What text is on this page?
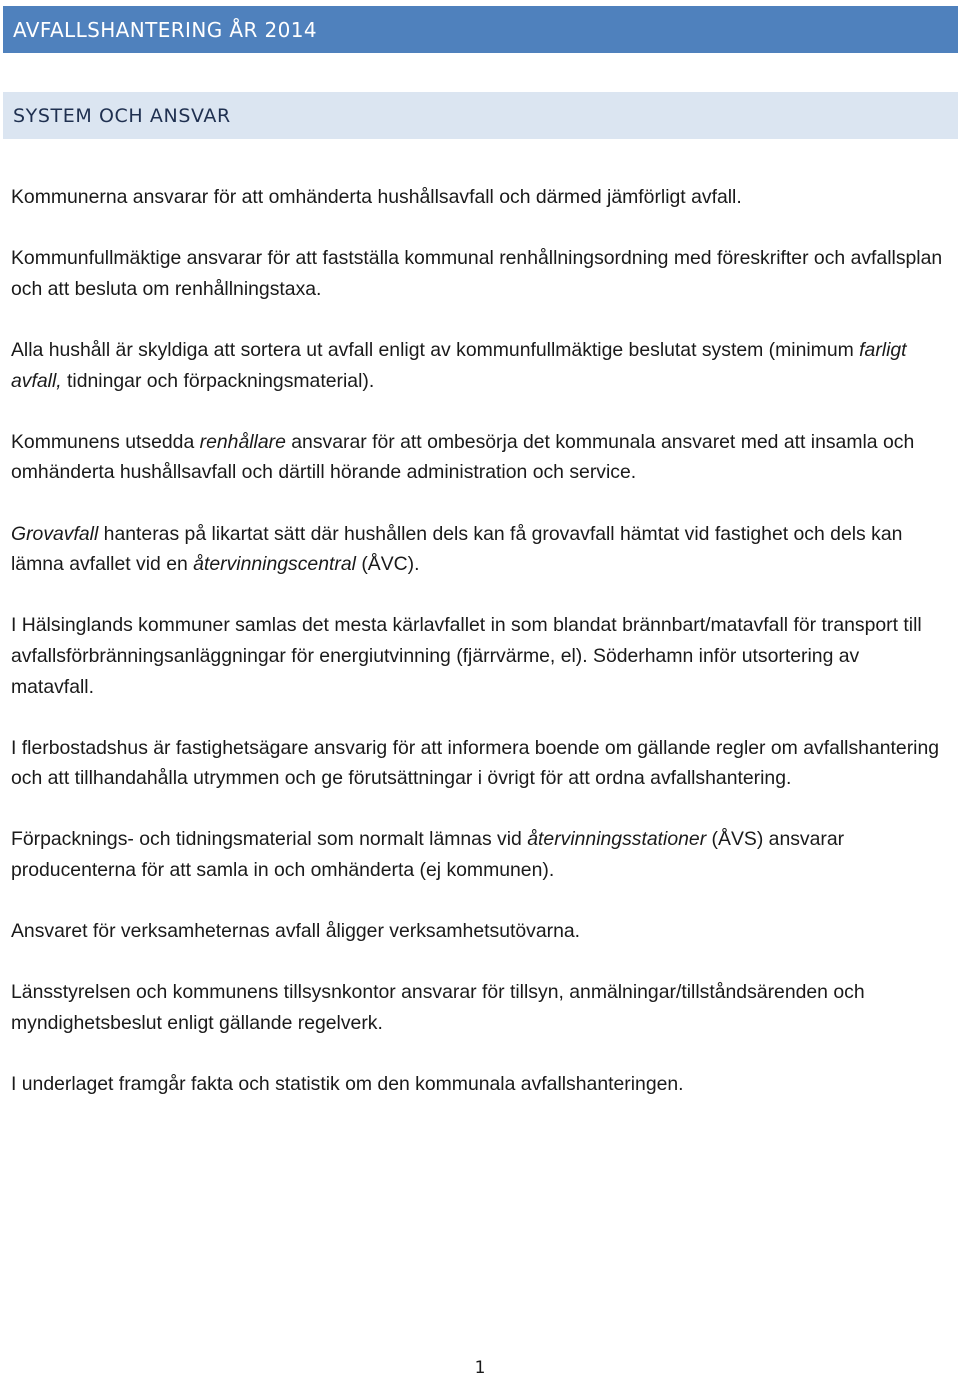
AVFALLSHANTERING ÅR 2014
SYSTEM OCH ANSVAR

Kommunerna ansvarar för att omhänderta hushållsavfall och därmed jämförligt avfall.

Kommunfullmäktige ansvarar för att fastställa kommunal renhållningsordning med föreskrifter och avfallsplan och att besluta om renhållningstaxa.

Alla hushåll är skyldiga att sortera ut avfall enligt av kommunfullmäktige beslutat system (minimum farligt avfall, tidningar och förpackningsmaterial).

Kommunens utsedda renhållare ansvarar för att ombesörja det kommunala ansvaret med att insamla och omhänderta hushållsavfall och därtill hörande administration och service.

Grovavfall hanteras på likartat sätt där hushållen dels kan få grovavfall hämtat vid fastighet och dels kan lämna avfallet vid en återvinningscentral (ÅVC).

I Hälsinglands kommuner samlas det mesta kärlavfallet in som blandat brännbart/matavfall för transport till avfallsförbränningsanläggningar för energiutvinning (fjärrvärme, el). Söderhamn inför utsortering av matavfall.

I flerbostadshus är fastighetsägare ansvarig för att informera boende om gällande regler om avfallshantering och att tillhandahålla utrymmen och ge förutsättningar i övrigt för att ordna avfallshantering.

Förpacknings- och tidningsmaterial som normalt lämnas vid återvinningsstationer (ÅVS) ansvarar producenterna för att samla in och omhänderta (ej kommunen).

Ansvaret för verksamheternas avfall åligger verksamhetsutövarna.

Länsstyrelsen och kommunens tillsysnkontor ansvarar för tillsyn, anmälningar/tillståndsärenden och myndighetsbeslut enligt gällande regelverk.

I underlaget framgår fakta och statistik om den kommunala avfallshanteringen.

1
